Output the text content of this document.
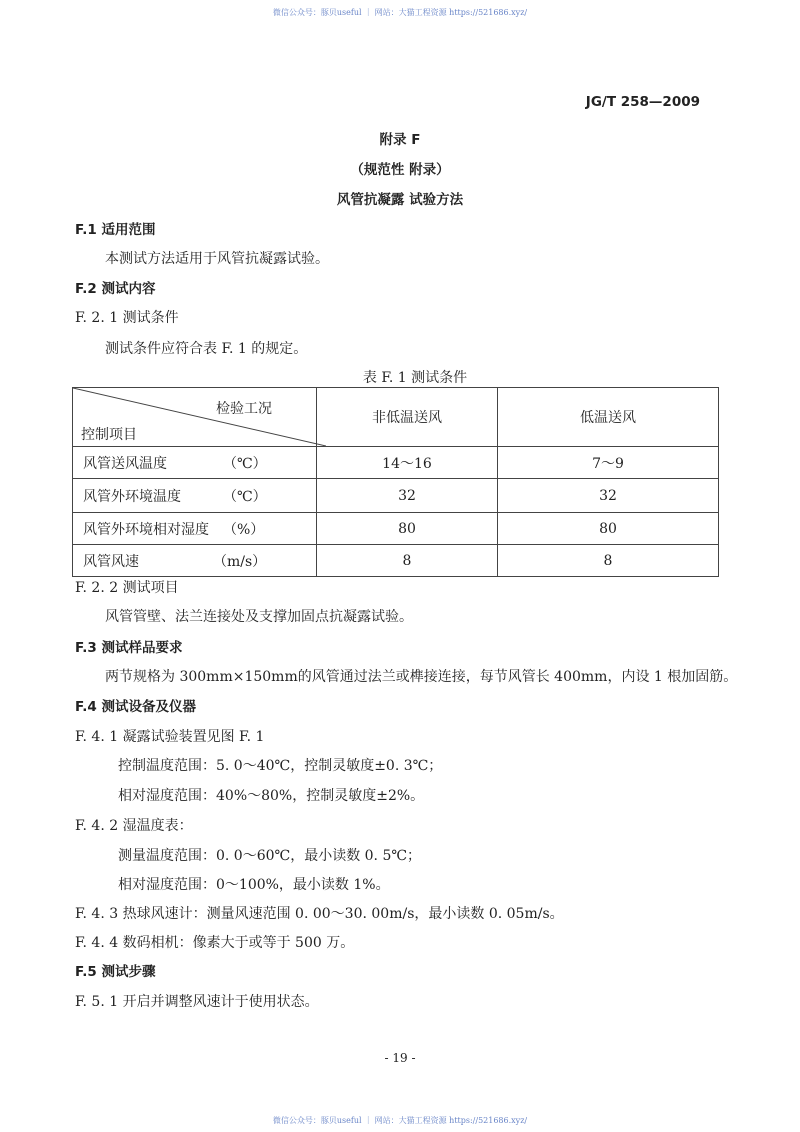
微信公众号：豚贝useful ｜ 网站：大猫工程资源 https://521686.xyz/
JG/T 258—2009
附录 F
（规范性 附录）
风管抗凝露 试验方法
F.1 适用范围
本测试方法适用于风管抗凝露试验。
F.2 测试内容
F. 2. 1 测试条件
测试条件应符合表 F. 1 的规定。
表 F. 1 测试条件
检验工况
控制项目	非低温送风	低温送风
风管送风温度 （℃）	14～16	7～9
风管外环境温度 （℃）	32	32
风管外环境相对湿度 （%）	80	80
风管风速 （m/s）	8	8
F. 2. 2 测试项目
风管管壁、法兰连接处及支撑加固点抗凝露试验。
F.3 测试样品要求
两节规格为 300mm×150mm的风管通过法兰或榫接连接，每节风管长 400mm，内设 1 根加固筋。
F.4 测试设备及仪器
F. 4. 1 凝露试验装置见图 F. 1
控制温度范围：5. 0～40℃，控制灵敏度±0. 3℃；
相对湿度范围：40%～80%，控制灵敏度±2%。
F. 4. 2 湿温度表：
测量温度范围：0. 0～60℃，最小读数 0. 5℃；
相对湿度范围：0～100%，最小读数 1%。
F. 4. 3 热球风速计：测量风速范围 0. 00～30. 00m/s，最小读数 0. 05m/s。
F. 4. 4 数码相机：像素大于或等于 500 万。
F.5 测试步骤
F. 5. 1 开启并调整风速计于使用状态。
- 19 -
微信公众号：豚贝useful ｜ 网站：大猫工程资源 https://521686.xyz/
